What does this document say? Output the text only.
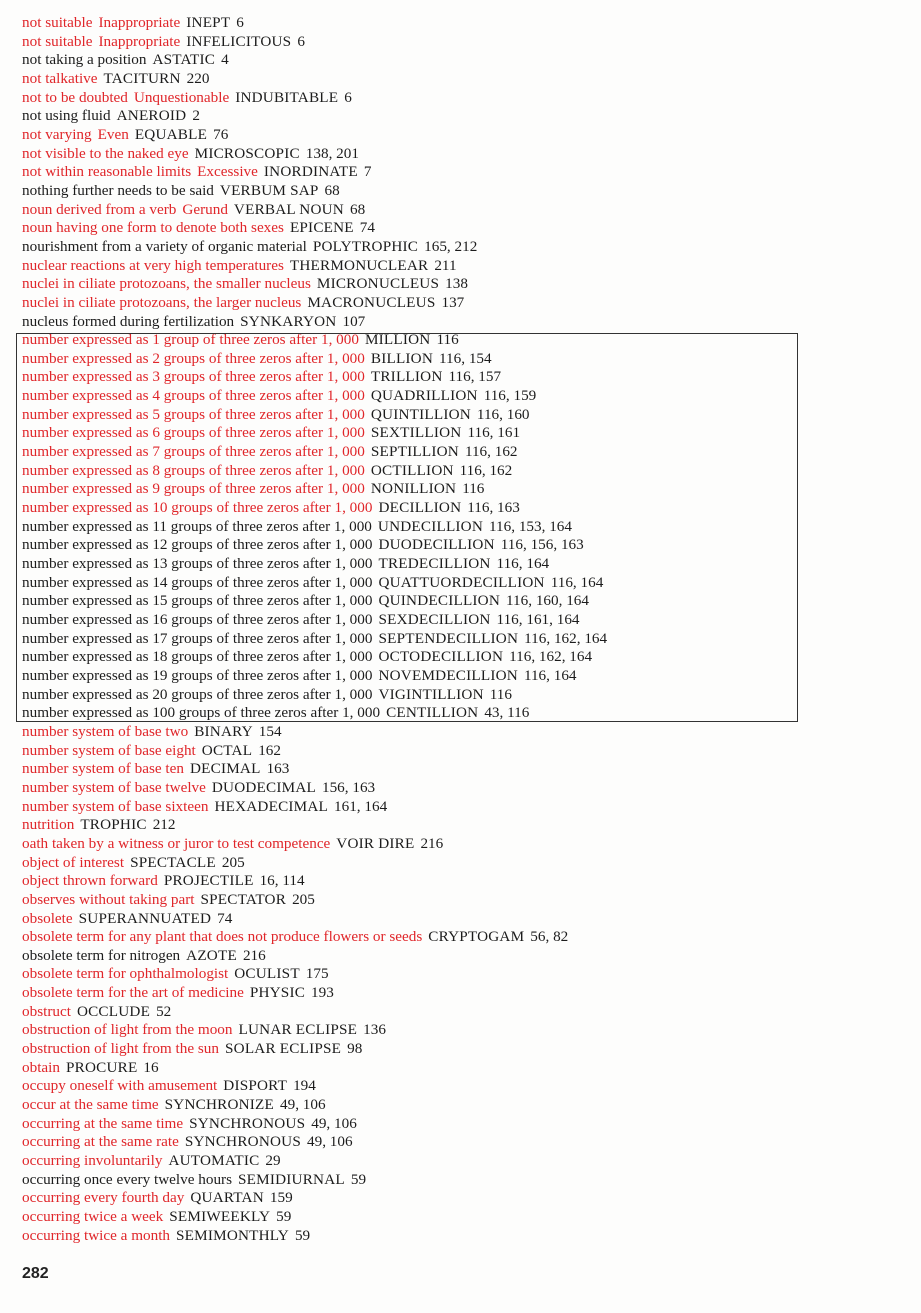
not suitable Inappropriate INEPT 6
not suitable Inappropriate INFELICITOUS 6
not taking a position ASTATIC 4
not talkative TACITURN 220
not to be doubted Unquestionable INDUBITABLE 6
not using fluid ANEROID 2
not varying Even EQUABLE 76
not visible to the naked eye MICROSCOPIC 138, 201
not within reasonable limits Excessive INORDINATE 7
nothing further needs to be said VERBUM SAP 68
noun derived from a verb Gerund VERBAL NOUN 68
noun having one form to denote both sexes EPICENE 74
nourishment from a variety of organic material POLYTROPHIC 165, 212
nuclear reactions at very high temperatures THERMONUCLEAR 211
nuclei in ciliate protozoans, the smaller nucleus MICRONUCLEUS 138
nuclei in ciliate protozoans, the larger nucleus MACRONUCLEUS 137
nucleus formed during fertilization SYNKARYON 107
number expressed as 1 group of three zeros after 1, 000 MILLION 116
number expressed as 2 groups of three zeros after 1, 000 BILLION 116, 154
number expressed as 3 groups of three zeros after 1, 000 TRILLION 116, 157
number expressed as 4 groups of three zeros after 1, 000 QUADRILLION 116, 159
number expressed as 5 groups of three zeros after 1, 000 QUINTILLION 116, 160
number expressed as 6 groups of three zeros after 1, 000 SEXTILLION 116, 161
number expressed as 7 groups of three zeros after 1, 000 SEPTILLION 116, 162
number expressed as 8 groups of three zeros after 1, 000 OCTILLION 116, 162
number expressed as 9 groups of three zeros after 1, 000 NONILLION 116
number expressed as 10 groups of three zeros after 1, 000 DECILLION 116, 163
number expressed as 11 groups of three zeros after 1, 000 UNDECILLION 116, 153, 164
number expressed as 12 groups of three zeros after 1, 000 DUODECILLION 116, 156, 163
number expressed as 13 groups of three zeros after 1, 000 TREDECILLION 116, 164
number expressed as 14 groups of three zeros after 1, 000 QUATTUORDECILLION 116, 164
number expressed as 15 groups of three zeros after 1, 000 QUINDECILLION 116, 160, 164
number expressed as 16 groups of three zeros after 1, 000 SEXDECILLION 116, 161, 164
number expressed as 17 groups of three zeros after 1, 000 SEPTENDECILLION 116, 162, 164
number expressed as 18 groups of three zeros after 1, 000 OCTODECILLION 116, 162, 164
number expressed as 19 groups of three zeros after 1, 000 NOVEMDECILLION 116, 164
number expressed as 20 groups of three zeros after 1, 000 VIGINTILLION 116
number expressed as 100 groups of three zeros after 1, 000 CENTILLION 43, 116
number system of base two BINARY 154
number system of base eight OCTAL 162
number system of base ten DECIMAL 163
number system of base twelve DUODECIMAL 156, 163
number system of base sixteen HEXADECIMAL 161, 164
nutrition TROPHIC 212
oath taken by a witness or juror to test competence VOIR DIRE 216
object of interest SPECTACLE 205
object thrown forward PROJECTILE 16, 114
observes without taking part SPECTATOR 205
obsolete SUPERANNUATED 74
obsolete term for any plant that does not produce flowers or seeds CRYPTOGAM 56, 82
obsolete term for nitrogen AZOTE 216
obsolete term for ophthalmologist OCULIST 175
obsolete term for the art of medicine PHYSIC 193
obstruct OCCLUDE 52
obstruction of light from the moon LUNAR ECLIPSE 136
obstruction of light from the sun SOLAR ECLIPSE 98
obtain PROCURE 16
occupy oneself with amusement DISPORT 194
occur at the same time SYNCHRONIZE 49, 106
occurring at the same time SYNCHRONOUS 49, 106
occurring at the same rate SYNCHRONOUS 49, 106
occurring involuntarily AUTOMATIC 29
occurring once every twelve hours SEMIDIURNAL 59
occurring every fourth day QUARTAN 159
occurring twice a week SEMIWEEKLY 59
occurring twice a month SEMIMONTHLY 59
282
